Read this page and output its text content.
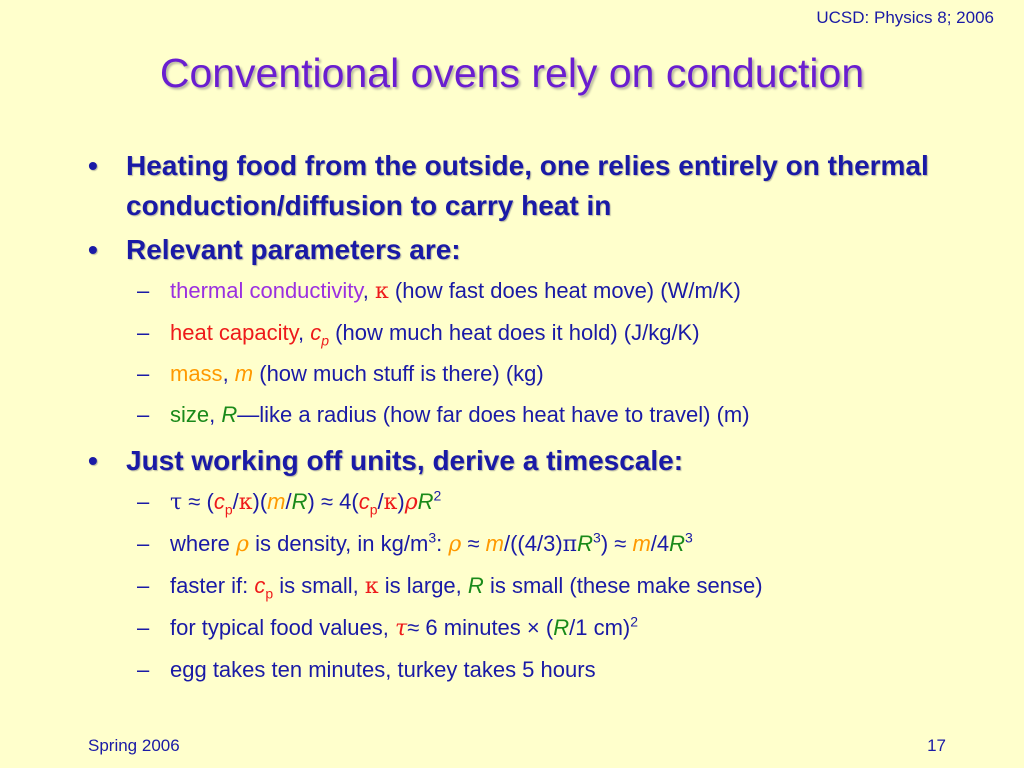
UCSD: Physics 8; 2006
Conventional ovens rely on conduction
• Heating food from the outside, one relies entirely on thermal conduction/diffusion to carry heat in
• Relevant parameters are:
– thermal conductivity, κ (how fast does heat move) (W/m/K)
– heat capacity, $c_p$ (how much heat does it hold) (J/kg/K)
– mass, m (how much stuff is there) (kg)
– size, R—like a radius (how far does heat have to travel) (m)
• Just working off units, derive a timescale:
– $\tau \approx (c_p/\kappa)(m/R) \approx 4(c_p/\kappa)\rho R^2$
– where ρ is density, in $kg/m^3$: $\rho \approx m/((4/3)\pi R^3) \approx m/4R^3$
– faster if: $c_p$ is small, κ is large, R is small (these make sense)
– for typical food values, τ≈ 6 minutes × (R/1 cm)$^2$
– egg takes ten minutes, turkey takes 5 hours
Spring 2006	17
